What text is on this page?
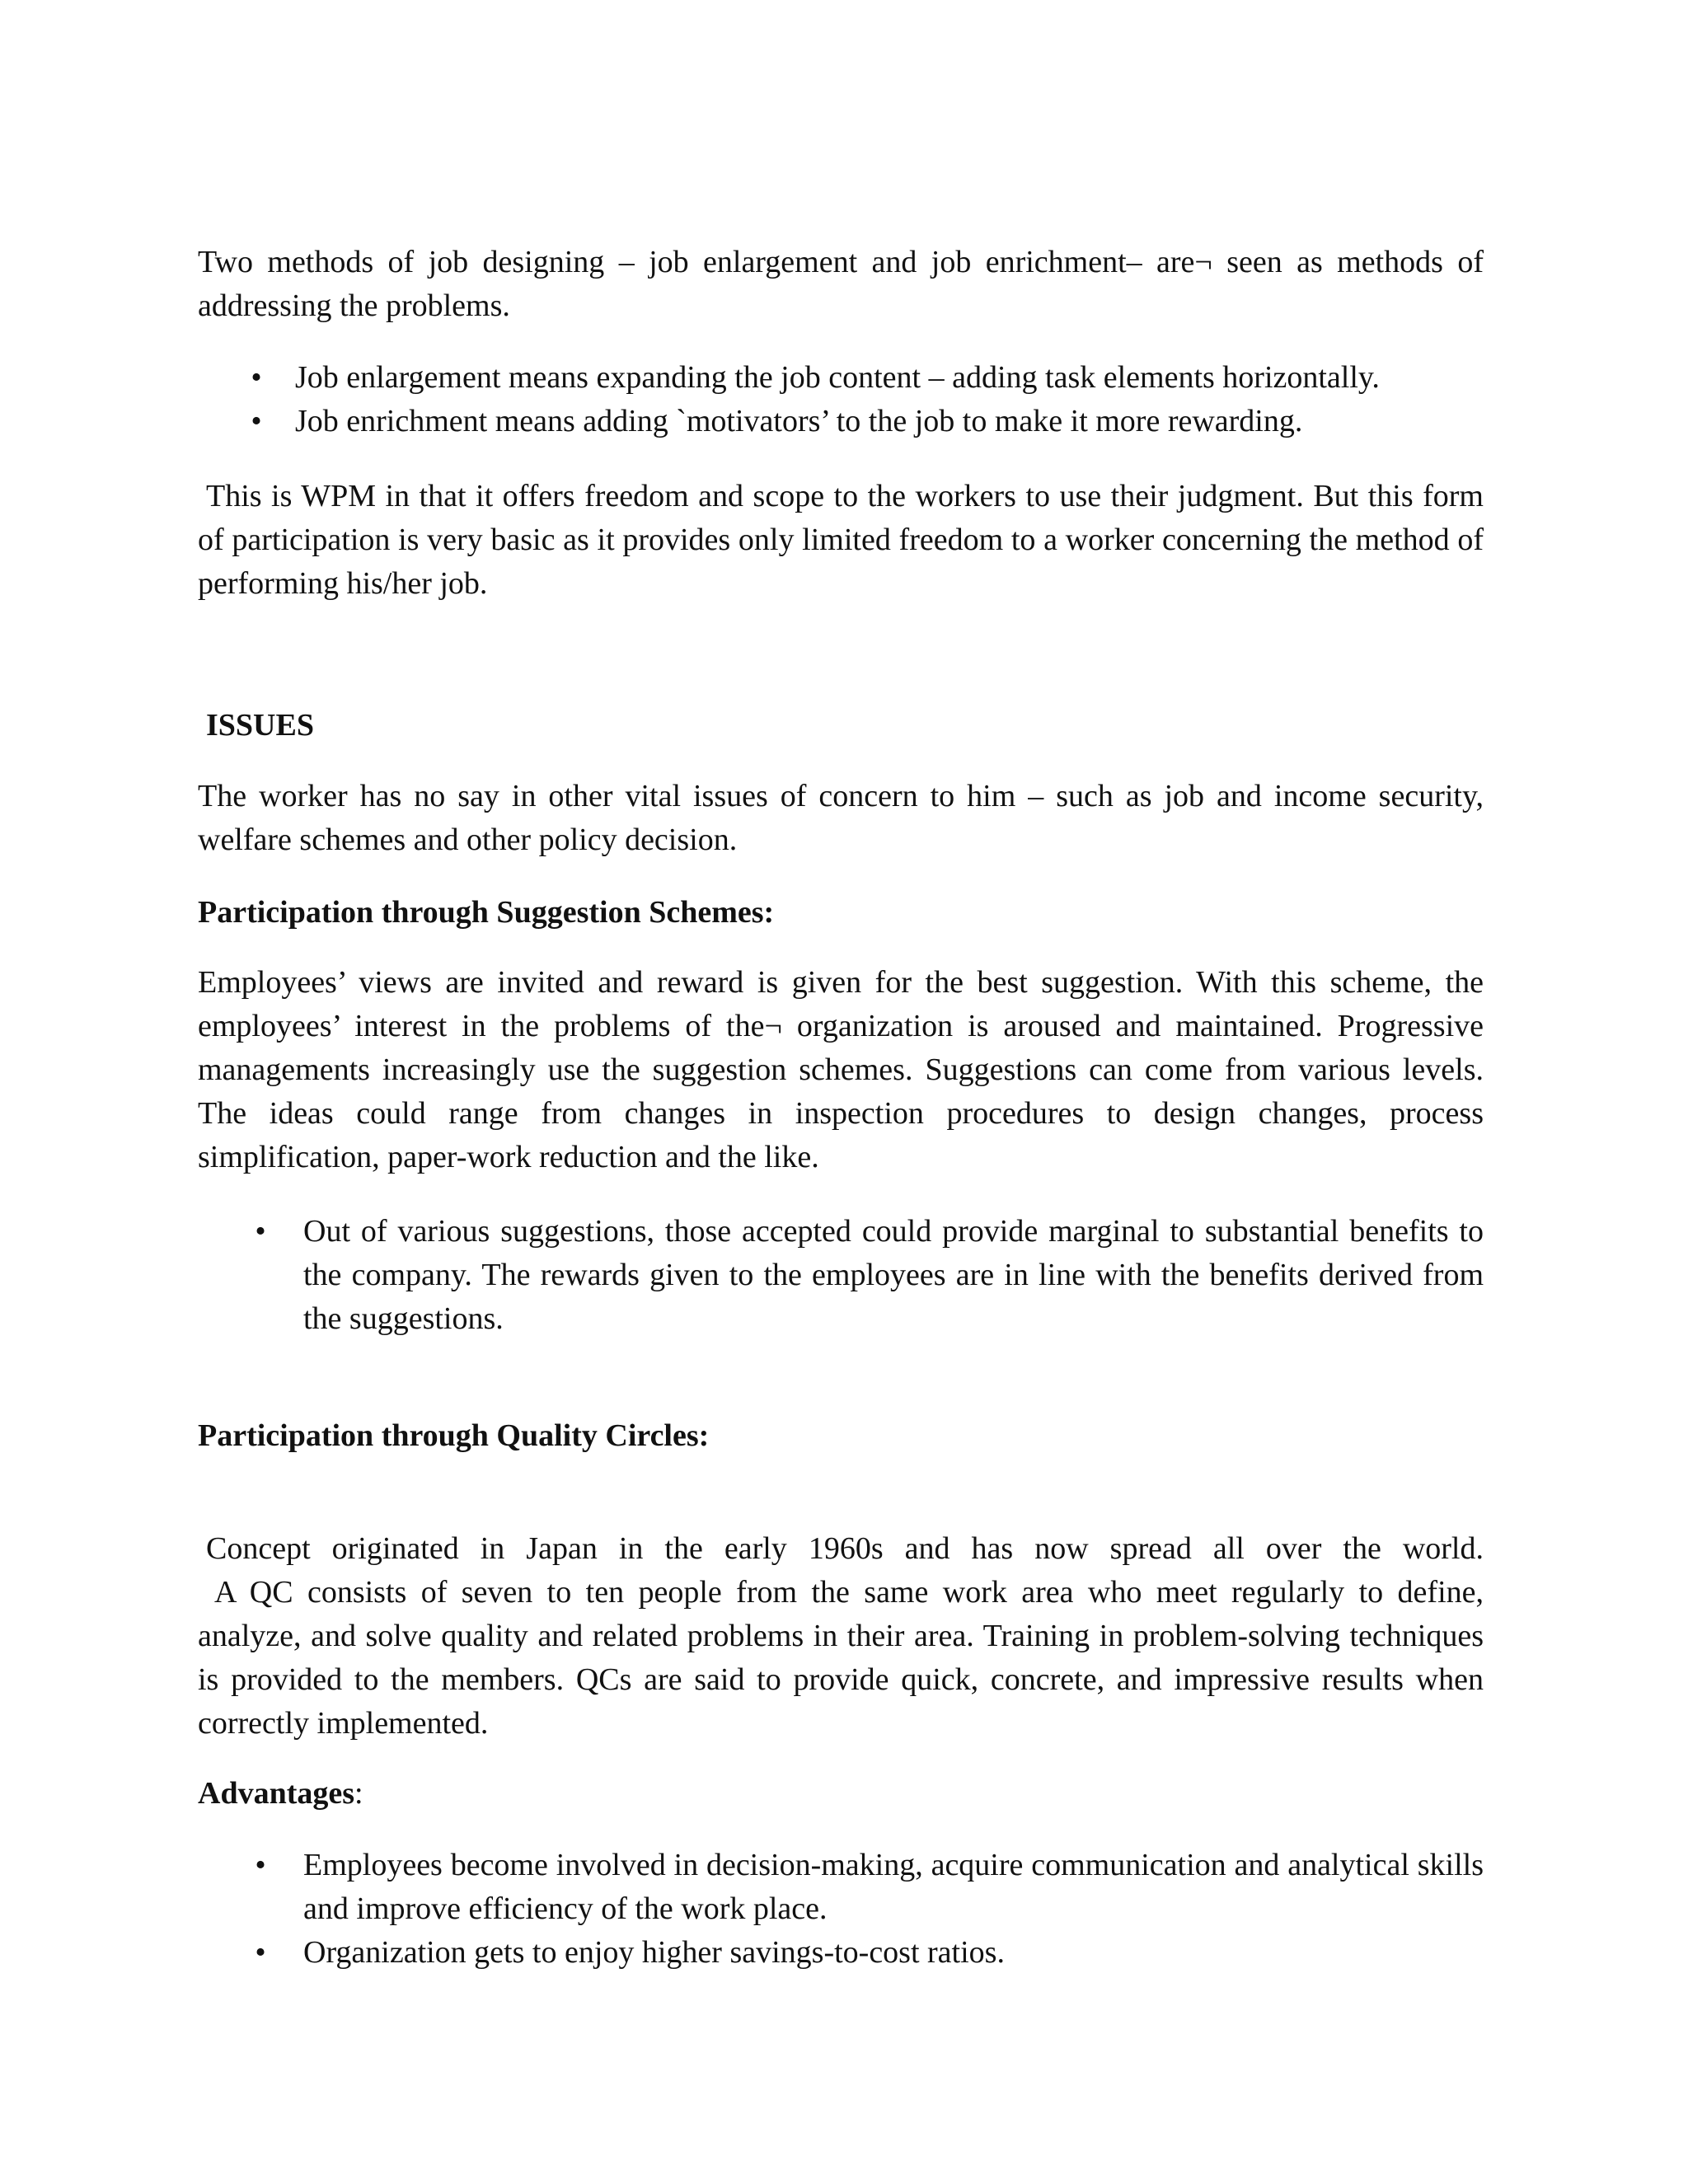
Two methods of job designing – job enlargement and job enrichment– are¬ seen as methods of addressing the problems.

• Job enlargement means expanding the job content – adding task elements horizontally.
• Job enrichment means adding `motivators’ to the job to make it more rewarding.

This is WPM in that it offers freedom and scope to the workers to use their judgment. But this form of participation is very basic as it provides only limited freedom to a worker concerning the method of performing his/her job.

ISSUES

The worker has no say in other vital issues of concern to him – such as job and income security, welfare schemes and other policy decision.

Participation through Suggestion Schemes:

Employees’ views are invited and reward is given for the best suggestion. With this scheme, the employees’ interest in the problems of the¬ organization is aroused and maintained. Progressive managements increasingly use the suggestion schemes. Suggestions can come from various levels. The ideas could range from changes in inspection procedures to design changes, process simplification, paper-work reduction and the like.

• Out of various suggestions, those accepted could provide marginal to substantial benefits to the company. The rewards given to the employees are in line with the benefits derived from the suggestions.

Participation through Quality Circles:

Concept originated in Japan in the early 1960s and has now spread all over the world.
A QC consists of seven to ten people from the same work area who meet regularly to define, analyze, and solve quality and related problems in their area. Training in problem-solving techniques is provided to the members. QCs are said to provide quick, concrete, and impressive results when correctly implemented.

Advantages:

• Employees become involved in decision-making, acquire communication and analytical skills and improve efficiency of the work place.
• Organization gets to enjoy higher savings-to-cost ratios.
